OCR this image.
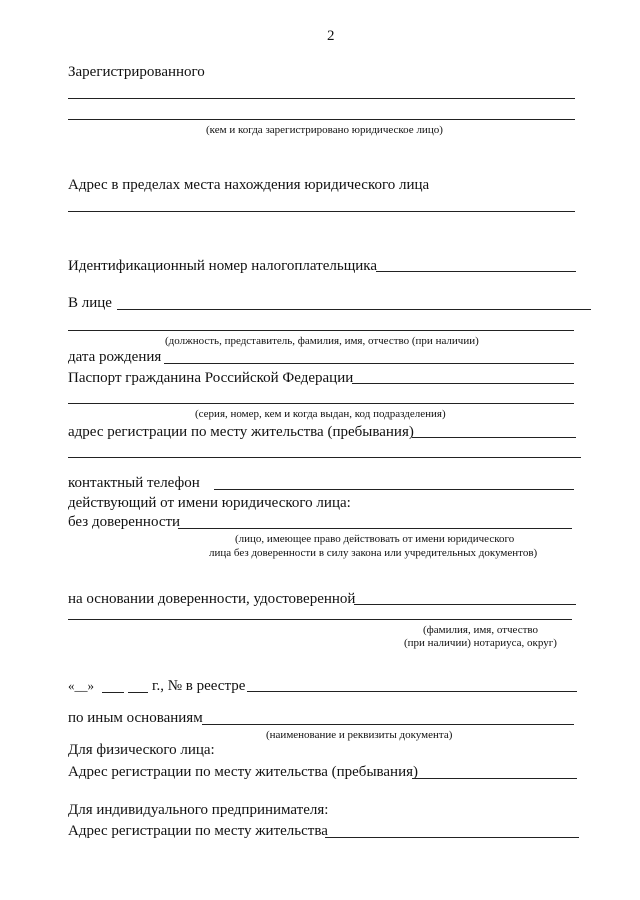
2
Зарегистрированного
(кем и когда зарегистрировано юридическое лицо)
Адрес в пределах места нахождения юридического лица
Идентификационный номер налогоплательщика
В лице
(должность, представитель, фамилия, имя, отчество (при наличии)
дата рождения
Паспорт гражданина Российской Федерации
(серия, номер, кем и когда выдан, код подразделения)
адрес регистрации по месту жительства (пребывания)
контактный телефон
действующий от имени юридического лица:
без доверенности
(лицо, имеющее право действовать от имени юридического
лица без доверенности в силу закона или учредительных документов)
на основании доверенности, удостоверенной
(фамилия, имя, отчество
(при наличии) нотариуса, округ)
«__»	г., № в реестре
по иным основаниям
(наименование и реквизиты документа)
Для физического лица:
Адрес регистрации по месту жительства (пребывания)
Для индивидуального предпринимателя:
Адрес регистрации по месту жительства
